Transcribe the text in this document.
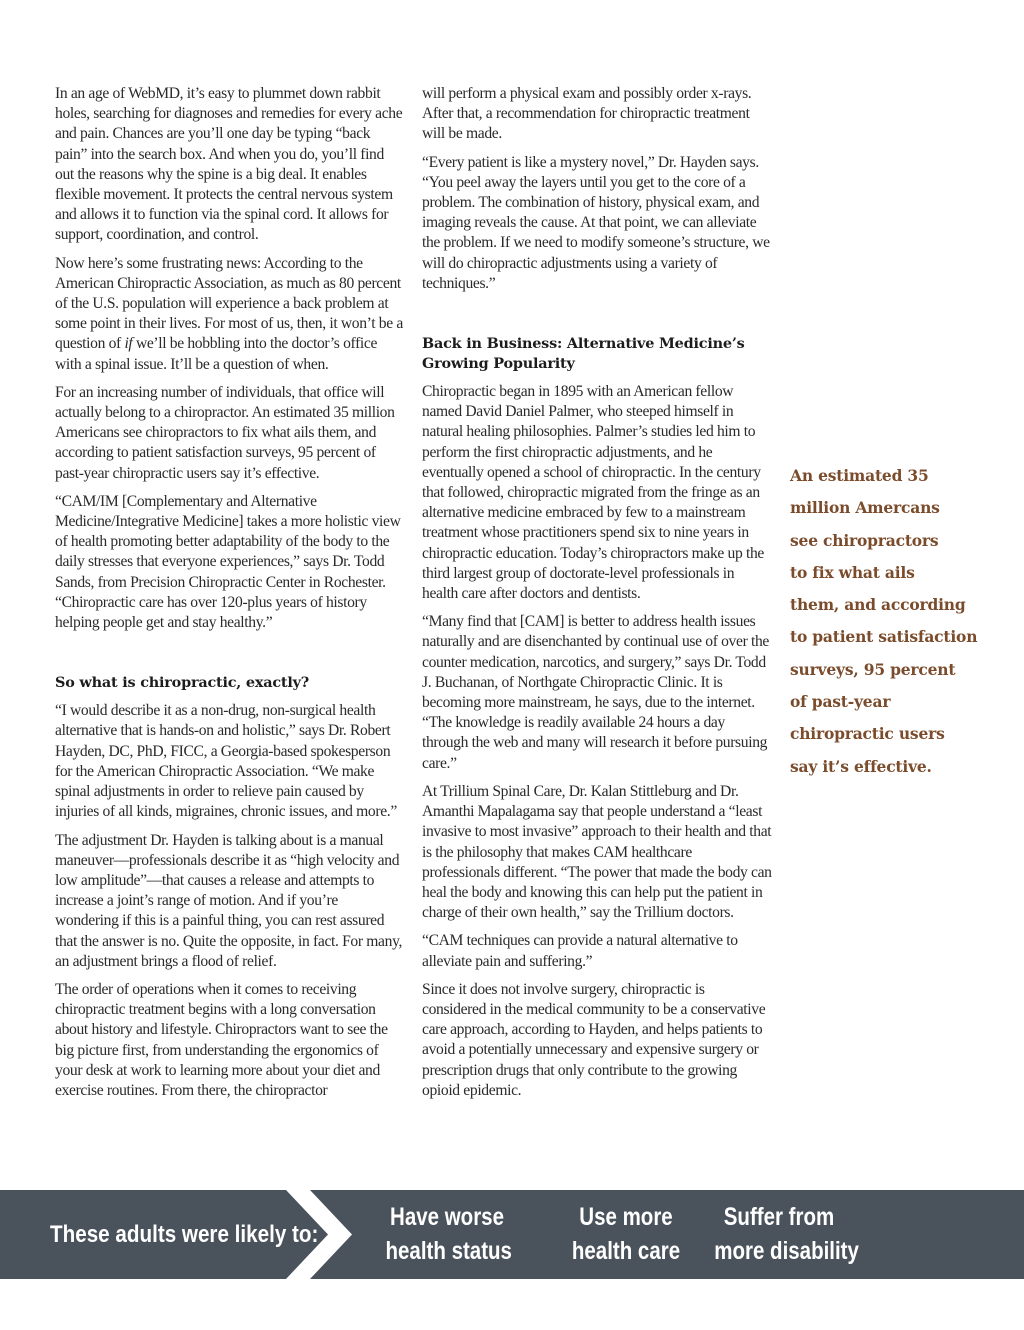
In an age of WebMD, it’s easy to plummet down rabbit holes, searching for diagnoses and remedies for every ache and pain. Chances are you’ll one day be typing “back pain” into the search box. And when you do, you’ll find out the reasons why the spine is a big deal. It enables flexible movement. It protects the central nervous system and allows it to function via the spinal cord. It allows for support, coordination, and control.

Now here’s some frustrating news: According to the American Chiropractic Association, as much as 80 percent of the U.S. population will experience a back problem at some point in their lives. For most of us, then, it won’t be a question of if we’ll be hobbling into the doctor’s office with a spinal issue. It’ll be a question of when.

For an increasing number of individuals, that office will actually belong to a chiropractor. An estimated 35 million Americans see chiropractors to fix what ails them, and according to patient satisfaction surveys, 95 percent of past-year chiropractic users say it’s effective.

“CAM/IM [Complementary and Alternative Medicine/Integrative Medicine] takes a more holistic view of health promoting better adaptability of the body to the daily stresses that everyone experiences,” says Dr. Todd Sands, from Precision Chiropractic Center in Rochester. “Chiropractic care has over 120-plus years of history helping people get and stay healthy.”

So what is chiropractic, exactly?

“I would describe it as a non-drug, non-surgical health alternative that is hands-on and holistic,” says Dr. Robert Hayden, DC, PhD, FICC, a Georgia-based spokesperson for the American Chiropractic Association. “We make spinal adjustments in order to relieve pain caused by injuries of all kinds, migraines, chronic issues, and more.”

The adjustment Dr. Hayden is talking about is a manual maneuver—professionals describe it as “high velocity and low amplitude”—that causes a release and attempts to increase a joint’s range of motion. And if you’re wondering if this is a painful thing, you can rest assured that the answer is no. Quite the opposite, in fact. For many, an adjustment brings a flood of relief.

The order of operations when it comes to receiving chiropractic treatment begins with a long conversation about history and lifestyle. Chiropractors want to see the big picture first, from understanding the ergonomics of your desk at work to learning more about your diet and exercise routines. From there, the chiropractor

will perform a physical exam and possibly order x-rays. After that, a recommendation for chiropractic treatment will be made.

“Every patient is like a mystery novel,” Dr. Hayden says. “You peel away the layers until you get to the core of a problem. The combination of history, physical exam, and imaging reveals the cause. At that point, we can alleviate the problem. If we need to modify someone’s structure, we will do chiropractic adjustments using a variety of techniques.”

Back in Business: Alternative Medicine’s Growing Popularity

Chiropractic began in 1895 with an American fellow named David Daniel Palmer, who steeped himself in natural healing philosophies. Palmer’s studies led him to perform the first chiropractic adjustments, and he eventually opened a school of chiropractic. In the century that followed, chiropractic migrated from the fringe as an alternative medicine embraced by few to a mainstream treatment whose practitioners spend six to nine years in chiropractic education. Today’s chiropractors make up the third largest group of doctorate-level professionals in health care after doctors and dentists.

“Many find that [CAM] is better to address health issues naturally and are disenchanted by continual use of over the counter medication, narcotics, and surgery,” says Dr. Todd J. Buchanan, of Northgate Chiropractic Clinic. It is becoming more mainstream, he says, due to the internet. “The knowledge is readily available 24 hours a day through the web and many will research it before pursuing care.”

At Trillium Spinal Care, Dr. Kalan Stittleburg and Dr. Amanthi Mapalagama say that people understand a “least invasive to most invasive” approach to their health and that is the philosophy that makes CAM healthcare professionals different. “The power that made the body can heal the body and knowing this can help put the patient in charge of their own health,” say the Trillium doctors.

“CAM techniques can provide a natural alternative to alleviate pain and suffering.”

Since it does not involve surgery, chiropractic is considered in the medical community to be a conservative care approach, according to Hayden, and helps patients to avoid a potentially unnecessary and expensive surgery or prescription drugs that only contribute to the growing opioid epidemic.

An estimated 35
million Amercans
see chiropractors
to fix what ails
them, and according
to patient satisfaction
surveys, 95 percent
of past-year
chiropractic users
say it’s effective.
These adults were likely to:
Have worse
health status
Use more
health care
Suffer from
more disability
